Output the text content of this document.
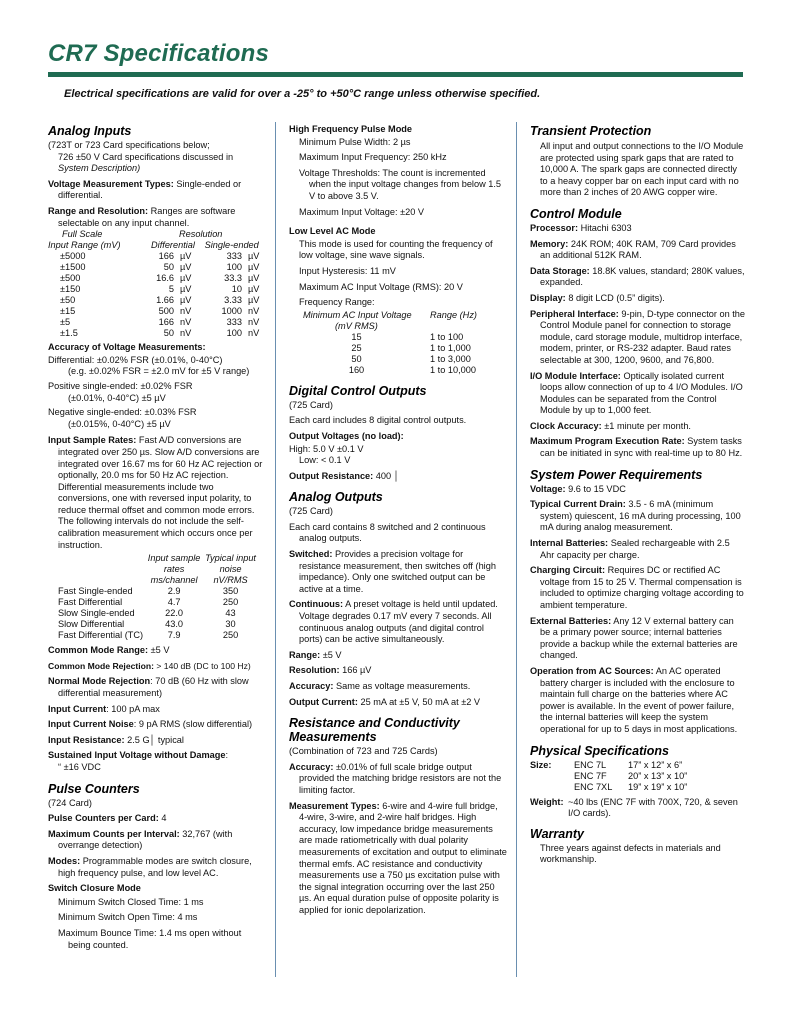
CR7 Specifications
Electrical specifications are valid for over a -25° to +50°C range unless otherwise specified.
Analog Inputs
(723T or 723 Card specifications below;
726 ±50 V Card specifications discussed in
System Description)

Voltage Measurement Types: Single-ended or differential.

Range and Resolution: Ranges are software selectable on any input channel.

Full Scale	Resolution			
Input Range (mV)	Differential		Single-ended	
±5000	166	µV	333	µV
±1500	50	µV	100	µV
±500	16.6	µV	33.3	µV
±150	5	µV	10	µV
±50	1.66	µV	3.33	µV
±15	500	nV	1000	nV
±5	166	nV	333	nV
±1.5	50	nV	100	nV

Accuracy of Voltage Measurements:

Differential: ±0.02% FSR (±0.01%, 0-40°C)
(e.g. ±0.02% FSR = ±2.0 mV for ±5 V range)
Positive single-ended: ±0.02% FSR
(±0.01%, 0-40°C) ±5 µV
Negative single-ended: ±0.03% FSR
(±0.015%, 0-40°C) ±5 µV

Input Sample Rates: Fast A/D conversions are integrated over 250 µs. Slow A/D conversions are integrated over 16.67 ms for 60 Hz AC rejection or optionally, 20.0 ms for 50 Hz AC rejection. Differential measurements include two conversions, one with reversed input polarity, to reduce thermal offset and common mode errors. The following intervals do not include the self-calibration measurement which occurs once per instruction.

	Input sample	Typical input
	rates	noise
	ms/channel	nV/RMS
Fast Single-ended	2.9	350
Fast Differential	4.7	250
Slow Single-ended	22.0	43
Slow Differential	43.0	30
Fast Differential (TC)	7.9	250

Common Mode Range: ±5 V

Common Mode Rejection: > 140 dB (DC to 100 Hz)

Normal Mode Rejection: 70 dB (60 Hz with slow differential measurement)

Input Current: 100 pA max

Input Current Noise: 9 pA RMS (slow differential)

Input Resistance: 2.5 G│ typical

Sustained Input Voltage without Damage:
“ ±16 VDC

Pulse Counters

(724 Card)

Pulse Counters per Card: 4

Maximum Counts per Interval: 32,767 (with overrange detection)

Modes: Programmable modes are switch closure, high frequency pulse, and low level AC.

Switch Closure Mode

Minimum Switch Closed Time: 1 ms

Minimum Switch Open Time: 4 ms

Maximum Bounce Time: 1.4 ms open without being counted.

High Frequency Pulse Mode

Minimum Pulse Width: 2 µs

Maximum Input Frequency: 250 kHz

Voltage Thresholds: The count is incremented when the input voltage changes from below 1.5 V to above 3.5 V.

Maximum Input Voltage: ±20 V

Low Level AC Mode

This mode is used for counting the frequency of low voltage, sine wave signals.

Input Hysteresis: 11 mV

Maximum AC Input Voltage (RMS): 20 V

Frequency Range:

Minimum AC Input Voltage	Range (Hz)
(mV RMS)	
15	1 to 100
25	1 to 1,000
50	1 to 3,000
160	1 to 10,000
Digital Control Outputs

(725 Card)

Each card includes 8 digital control outputs.

Output Voltages (no load):

High: 5.0 V ±0.1 V

Low: < 0.1 V

Output Resistance: 400 │

Analog Outputs

(725 Card)

Each card contains 8 switched and 2 continuous analog outputs.

Switched: Provides a precision voltage for resistance measurement, then switches off (high impedance). Only one switched output can be active at a time.

Continuous: A preset voltage is held until updated. Voltage degrades 0.17 mV every 7 seconds. All continuous analog outputs (and digital control ports) can be active simultaneously.

Range: ±5 V

Resolution: 166 µV

Accuracy: Same as voltage measurements.

Output Current: 25 mA at ±5 V, 50 mA at ±2 V

Resistance and Conductivity
Measurements

(Combination of 723 and 725 Cards)

Accuracy: ±0.01% of full scale bridge output provided the matching bridge resistors are not the limiting factor.

Measurement Types: 6-wire and 4-wire full bridge, 4-wire, 3-wire, and 2-wire half bridges. High accuracy, low impedance bridge measurements are made ratiometrically with dual polarity measurements of excitation and output to eliminate thermal emfs. AC resistance and conductivity measurements use a 750 µs excitation pulse with the signal integration occurring over the last 250 µs. An equal duration pulse of opposite polarity is applied for ionic depolarization.

Transient Protection

All input and output connections to the I/O Module are protected using spark gaps that are rated to 10,000 A. The spark gaps are connected directly to a heavy copper bar on each input card with no more than 2 inches of 20 AWG copper wire.

Control Module

Processor: Hitachi 6303

Memory: 24K ROM; 40K RAM, 709 Card provides an additional 512K RAM.

Data Storage: 18.8K values, standard; 280K values, expanded.

Display: 8 digit LCD (0.5” digits).

Peripheral Interface: 9-pin, D-type connector on the Control Module panel for connection to storage module, card storage module, multidrop interface, modem, printer, or RS-232 adapter. Baud rates selectable at 300, 1200, 9600, and 76,800.

I/O Module Interface: Optically isolated current loops allow connection of up to 4 I/O Modules. I/O Modules can be separated from the Control Module by up to 1,000 feet.

Clock Accuracy: ±1 minute per month.

Maximum Program Execution Rate: System tasks can be initiated in sync with real-time up to 80 Hz.

System Power Requirements

Voltage: 9.6 to 15 VDC

Typical Current Drain: 3.5 - 6 mA (minimum system) quiescent, 16 mA during processing, 100 mA during analog measurement.

Internal Batteries: Sealed rechargeable with 2.5 Ahr capacity per charge.

Charging Circuit: Requires DC or rectified AC voltage from 15 to 25 V. Thermal compensation is included to optimize charging voltage according to ambient temperature.

External Batteries: Any 12 V external battery can be a primary power source; internal batteries provide a backup while the external batteries are changed.

Operation from AC Sources: An AC operated battery charger is included with the enclosure to maintain full charge on the batteries where AC power is available. In the event of power failure, the internal batteries will keep the system operational for up to 5 days in most applications.

Physical Specifications
Size:	ENC 7L	17” x 12” x 6”
	ENC 7F	20” x 13” x 10”
	ENC 7XL	19” x 19” x 10”
Weight:	~40 lbs (ENC 7F with 700X, 720, & seven I/O cards).
Warranty

Three years against defects in materials and workmanship.
